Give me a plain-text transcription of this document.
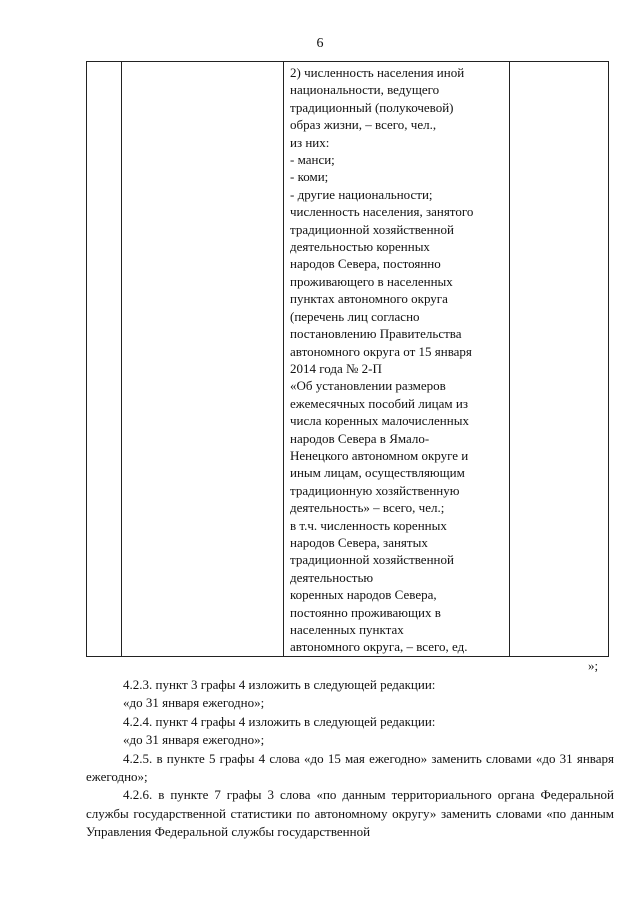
6

2) численность населения иной
национальности, ведущего
традиционный (полукочевой)
образ жизни, – всего, чел.,
из них:
- манси;
- коми;
- другие национальности;
численность населения, занятого
традиционной хозяйственной
деятельностью коренных
народов Севера, постоянно
проживающего в населенных
пунктах автономного округа
(перечень лиц согласно
постановлению Правительства
автономного округа от 15 января
2014 года № 2-П
«Об установлении размеров
ежемесячных пособий лицам из
числа коренных малочисленных
народов Севера в Ямало-
Ненецкого автономном округе и
иным лицам, осуществляющим
традиционную хозяйственную
деятельность» – всего, чел.;
в т.ч. численность коренных
народов Севера, занятых
традиционной хозяйственной
деятельностью
коренных народов Севера,
постоянно проживающих в
населенных пунктах
автономного округа, – всего, ед.

»;

4.2.3. пункт 3 графы 4 изложить в следующей редакции:

«до 31 января ежегодно»;

4.2.4. пункт 4 графы 4 изложить в следующей редакции:

«до 31 января ежегодно»;

4.2.5. в пункте 5 графы 4 слова «до 15 мая ежегодно» заменить словами «до 31 января ежегодно»;

4.2.6. в пункте 7 графы 3 слова «по данным территориального органа Федеральной службы государственной статистики по автономному округу» заменить словами «по данным Управления Федеральной службы государственной
